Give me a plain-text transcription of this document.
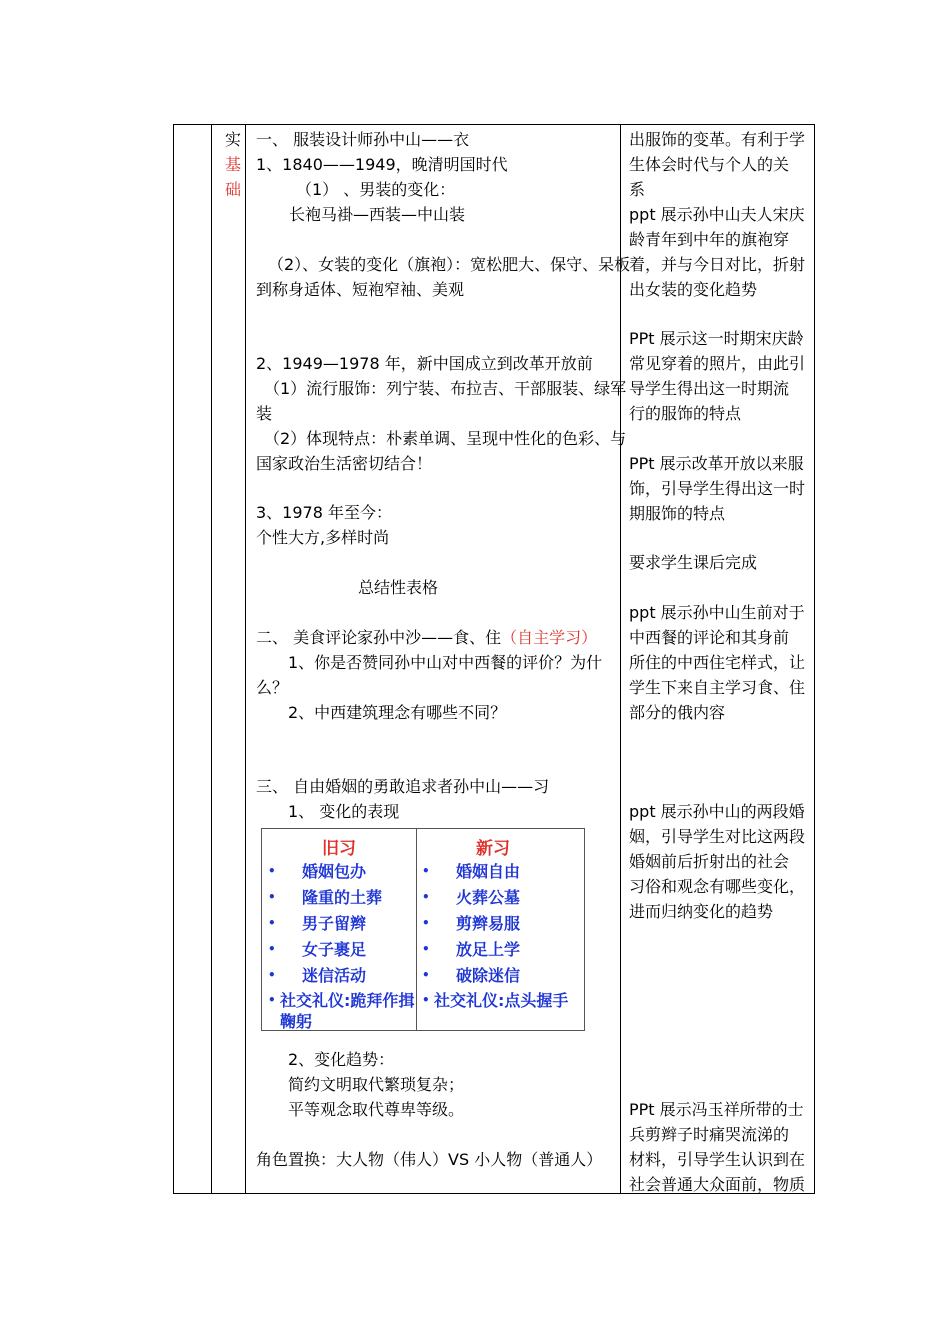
实
基
础
一、 服装设计师孙中山——衣
1、1840——1949，晚清明国时代
（1） 、男装的变化：
长袍马褂—西装—中山装
（2）、女装的变化（旗袍）：宽松肥大、保守、呆板
到称身适体、短袍窄袖、美观
2、1949—1978 年，新中国成立到改革开放前
（1）流行服饰：列宁装、布拉吉、干部服装、绿军
装
（2）体现特点：朴素单调、呈现中性化的色彩、与
国家政治生活密切结合！
3、1978 年至今：
个性大方,多样时尚
总结性表格
二、 美食评论家孙中沙——食、住（自主学习）
1、你是否赞同孙中山对中西餐的评价？为什
么？
2、中西建筑理念有哪些不同？
三、 自由婚姻的勇敢追求者孙中山——习
1、 变化的表现
2、变化趋势：
简约文明取代繁琐复杂；
平等观念取代尊卑等级。
角色置换：大人物（伟人）VS 小人物（普通人）
旧习	新习
• 婚姻包办
• 隆重的土葬
• 男子留辫
• 女子裹足
• 迷信活动
• 社交礼仪:跪拜作揖
鞠躬
• 婚姻自由
• 火葬公墓
• 剪辫易服
• 放足上学
• 破除迷信
• 社交礼仪:点头握手
出服饰的变革。有利于学
生体会时代与个人的关
系
ppt 展示孙中山夫人宋庆
龄青年到中年的旗袍穿
着，并与今日对比，折射
出女装的变化趋势
PPt 展示这一时期宋庆龄
常见穿着的照片，由此引
导学生得出这一时期流
行的服饰的特点
PPt 展示改革开放以来服
饰，引导学生得出这一时
期服饰的特点
要求学生课后完成
ppt 展示孙中山生前对于
中西餐的评论和其身前
所住的中西住宅样式，让
学生下来自主学习食、住
部分的俄内容
ppt 展示孙中山的两段婚
姻，引导学生对比这两段
婚姻前后折射出的社会
习俗和观念有哪些变化，
进而归纳变化的趋势
PPt 展示冯玉祥所带的士
兵剪辫子时痛哭流涕的
材料，引导学生认识到在
社会普通大众面前，物质
